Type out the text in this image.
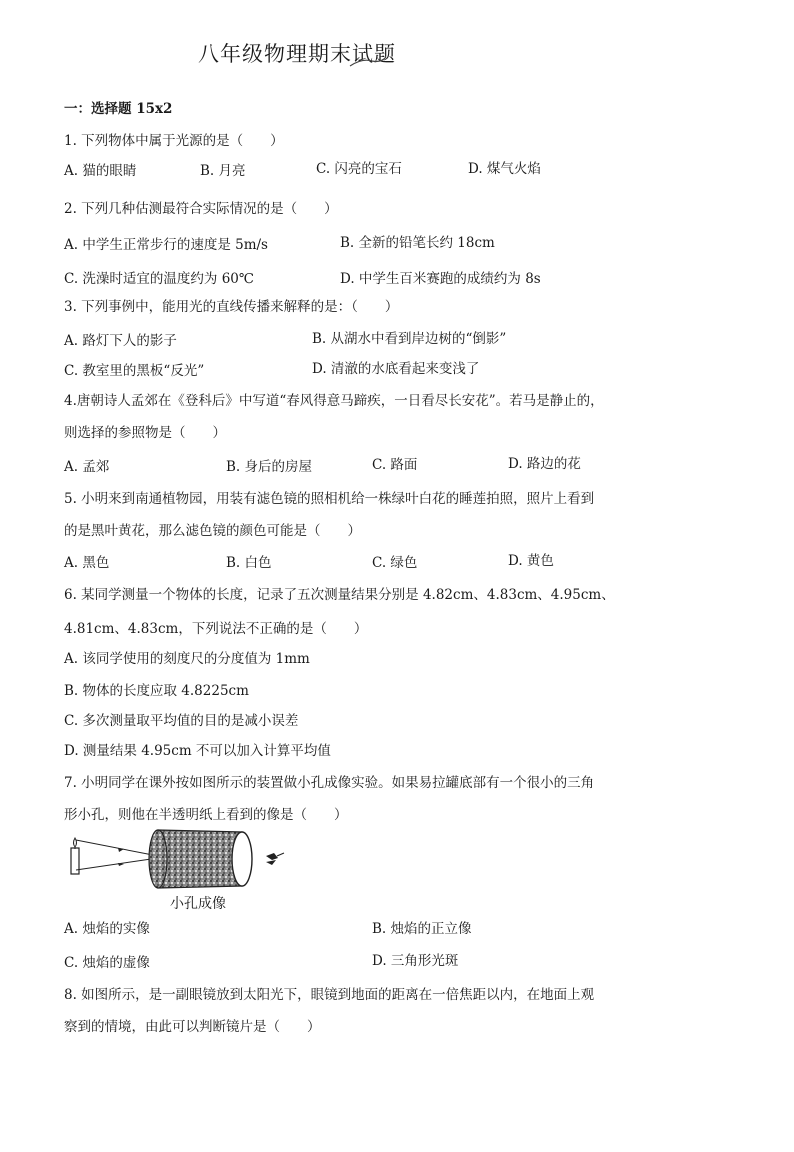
八年级物理期末试题
一：选择题 15x2
1. 下列物体中属于光源的是（　　）
A. 猫的眼睛	B. 月亮	C. 闪亮的宝石	D. 煤气火焰
2. 下列几种估测最符合实际情况的是（　　）
A. 中学生正常步行的速度是 5m/s	B. 全新的铅笔长约 18cm
C. 洗澡时适宜的温度约为 60℃	D. 中学生百米赛跑的成绩约为 8s
3. 下列事例中，能用光的直线传播来解释的是：（　　）
A. 路灯下人的影子	B. 从湖水中看到岸边树的“倒影”
C. 教室里的黑板“反光”	D. 清澈的水底看起来变浅了
4.唐朝诗人孟郊在《登科后》中写道“春风得意马蹄疾，一日看尽长安花”。若马是静止的，
则选择的参照物是（　　）
A. 孟郊	B. 身后的房屋	C. 路面	D. 路边的花
5. 小明来到南通植物园，用装有滤色镜的照相机给一株绿叶白花的睡莲拍照，照片上看到
的是黑叶黄花，那么滤色镜的颜色可能是（　　）
A. 黑色	B. 白色	C. 绿色	D. 黄色
6. 某同学测量一个物体的长度，记录了五次测量结果分别是 4.82cm、4.83cm、4.95cm、
4.81cm、4.83cm，下列说法不正确的是（　　）
A. 该同学使用的刻度尺的分度值为 1mm
B. 物体的长度应取 4.8225cm
C. 多次测量取平均值的目的是减小误差
D. 测量结果 4.95cm 不可以加入计算平均值
7. 小明同学在课外按如图所示的装置做小孔成像实验。如果易拉罐底部有一个很小的三角
形小孔，则他在半透明纸上看到的像是（　　）
小孔成像
A. 烛焰的实像	B. 烛焰的正立像
C. 烛焰的虚像	D. 三角形光斑
8. 如图所示，是一副眼镜放到太阳光下，眼镜到地面的距离在一倍焦距以内，在地面上观
察到的情境，由此可以判断镜片是（　　）
